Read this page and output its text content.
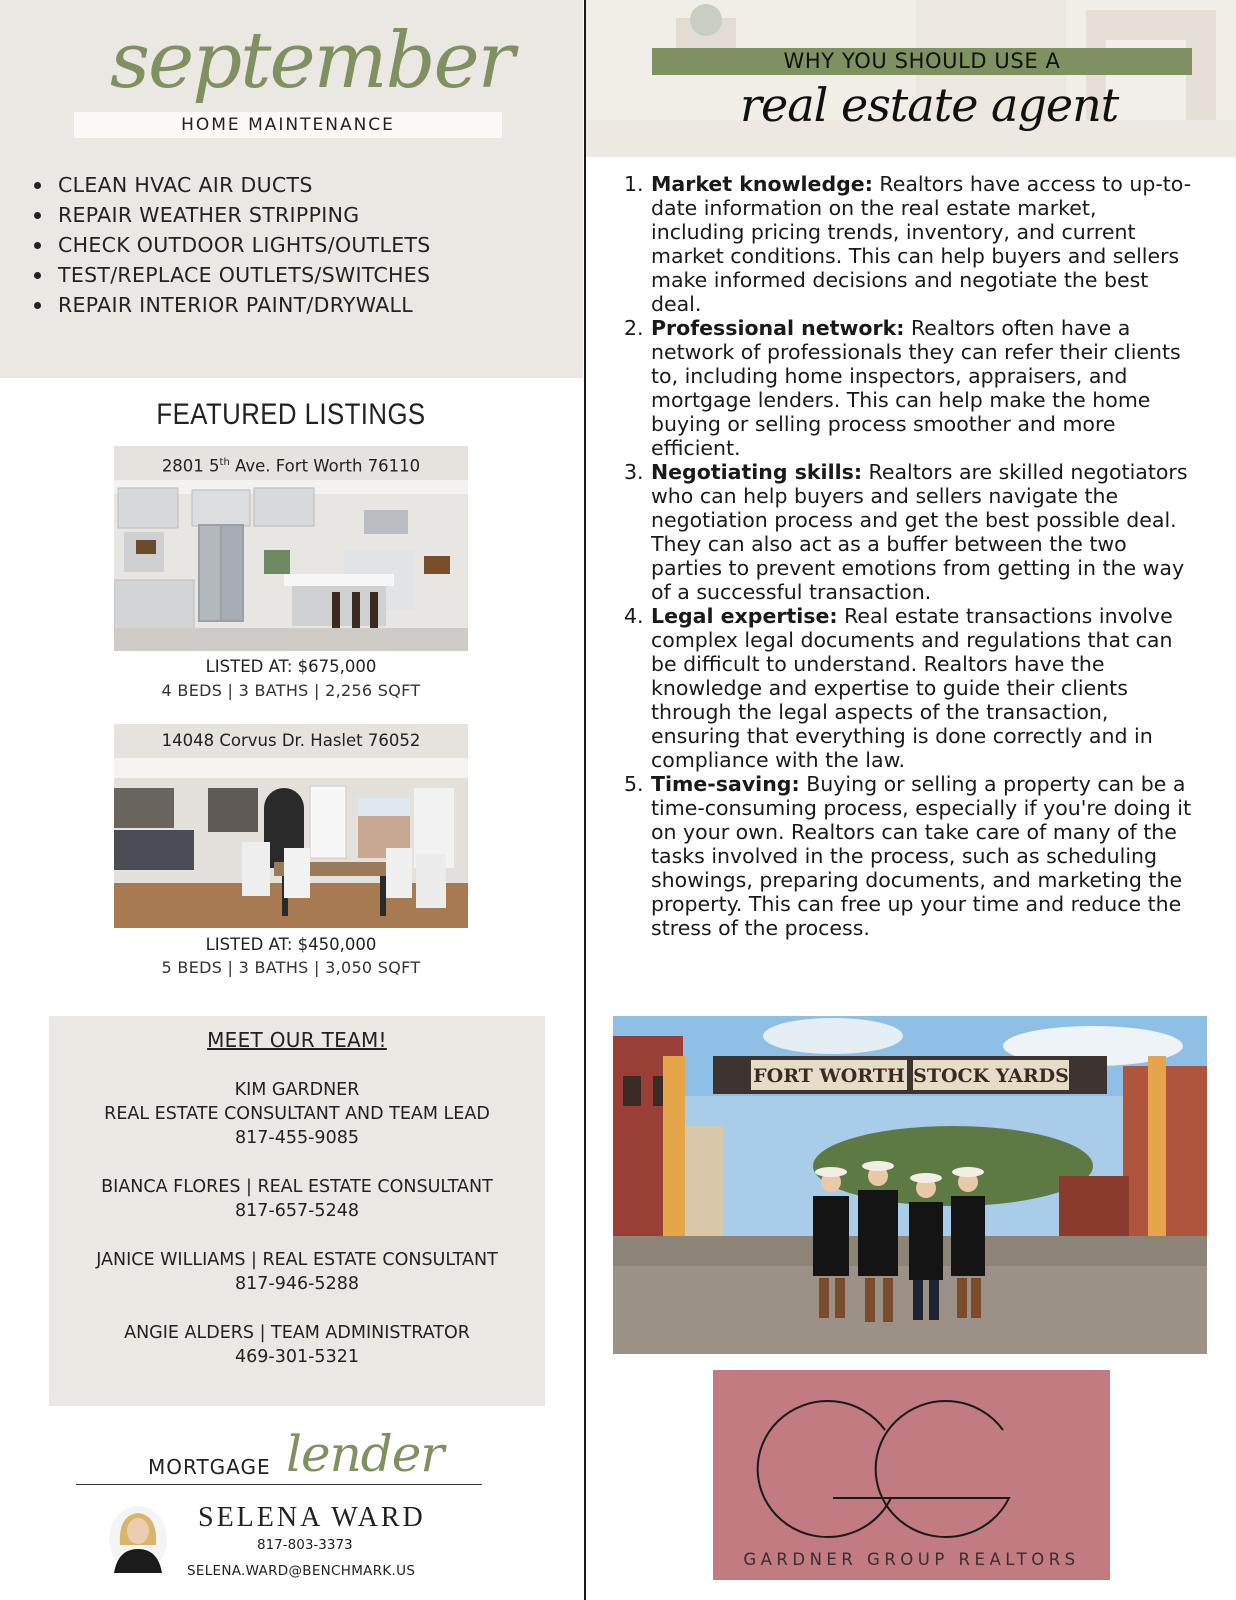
september
HOME MAINTENANCE
CLEAN HVAC AIR DUCTS
REPAIR WEATHER STRIPPING
CHECK OUTDOOR LIGHTS/OUTLETS
TEST/REPLACE OUTLETS/SWITCHES
REPAIR INTERIOR PAINT/DRYWALL
FEATURED LISTINGS
2801 5th Ave. Fort Worth 76110
LISTED AT: $675,000
4 BEDS | 3 BATHS | 2,256 SQFT
14048 Corvus Dr. Haslet 76052
LISTED AT: $450,000
5 BEDS | 3 BATHS | 3,050 SQFT
MEET OUR TEAM!
KIM GARDNER
REAL ESTATE CONSULTANT AND TEAM LEAD
817-455-9085
BIANCA FLORES | REAL ESTATE CONSULTANT
817-657-5248
JANICE WILLIAMS | REAL ESTATE CONSULTANT
817-946-5288
ANGIE ALDERS | TEAM ADMINISTRATOR
469-301-5321
MORTGAGE lender
SELENA WARD
817-803-3373
SELENA.WARD@BENCHMARK.US
WHY YOU SHOULD USE A
real estate agent
1. Market knowledge: Realtors have access to up-to-date information on the real estate market, including pricing trends, inventory, and current market conditions. This can help buyers and sellers make informed decisions and negotiate the best deal.
2. Professional network: Realtors often have a network of professionals they can refer their clients to, including home inspectors, appraisers, and mortgage lenders. This can help make the home buying or selling process smoother and more efficient.
3. Negotiating skills: Realtors are skilled negotiators who can help buyers and sellers navigate the negotiation process and get the best possible deal. They can also act as a buffer between the two parties to prevent emotions from getting in the way of a successful transaction.
4. Legal expertise: Real estate transactions involve complex legal documents and regulations that can be difficult to understand. Realtors have the knowledge and expertise to guide their clients through the legal aspects of the transaction, ensuring that everything is done correctly and in compliance with the law.
5. Time-saving: Buying or selling a property can be a time-consuming process, especially if you're doing it on your own. Realtors can take care of many of the tasks involved in the process, such as scheduling showings, preparing documents, and marketing the property. This can free up your time and reduce the stress of the process.
FORT WORTH STOCK YARDS
GARDNER GROUP REALTORS
